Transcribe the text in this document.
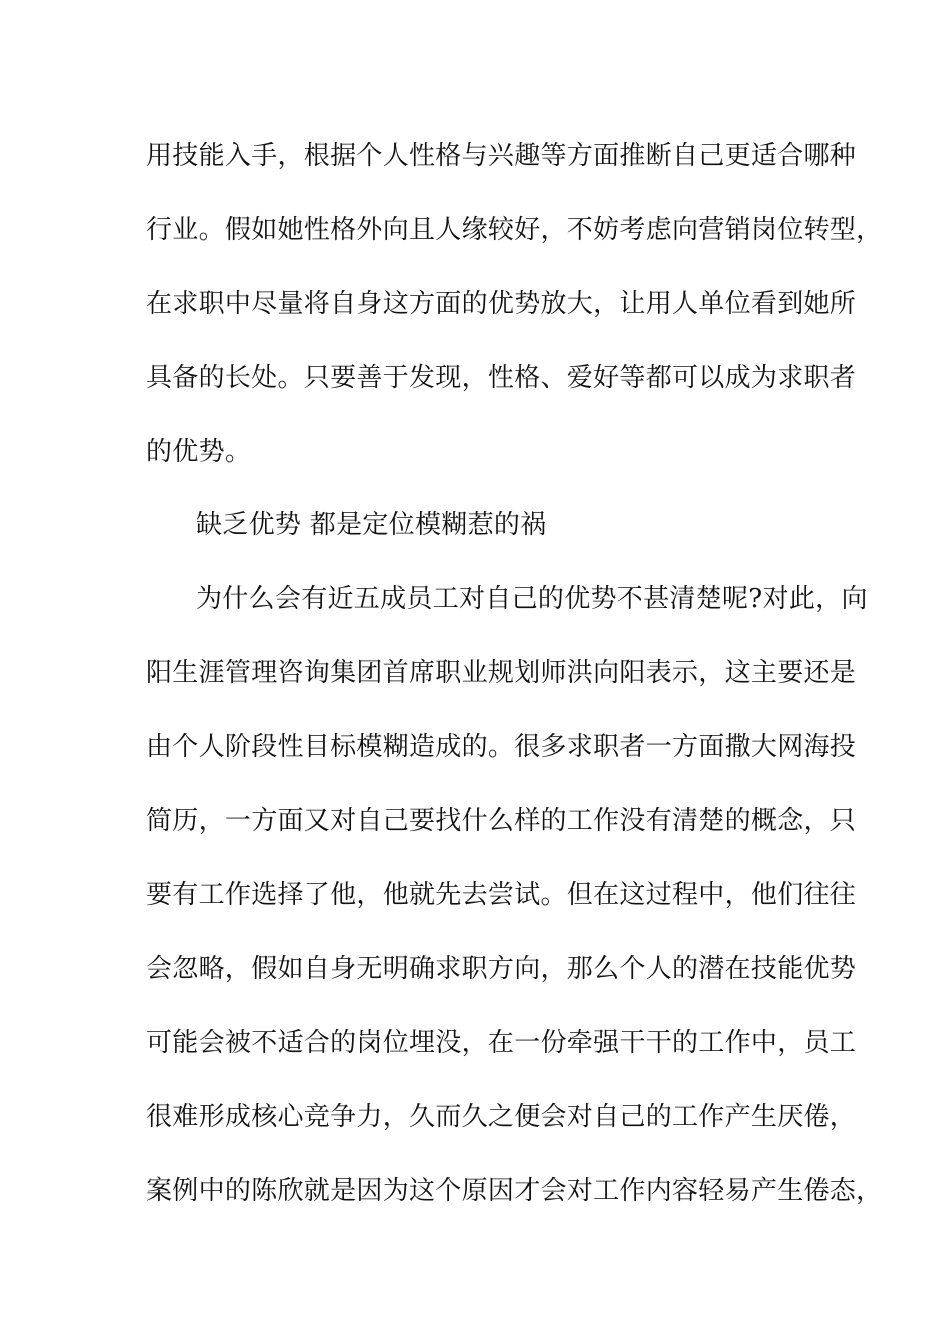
用技能入手，根据个人性格与兴趣等方面推断自己更适合哪种
行业。假如她性格外向且人缘较好，不妨考虑向营销岗位转型，
在求职中尽量将自身这方面的优势放大，让用人单位看到她所
具备的长处。只要善于发现，性格、爱好等都可以成为求职者
的优势。
缺乏优势 都是定位模糊惹的祸
为什么会有近五成员工对自己的优势不甚清楚呢?对此，向
阳生涯管理咨询集团首席职业规划师洪向阳表示，这主要还是
由个人阶段性目标模糊造成的。很多求职者一方面撒大网海投
简历，一方面又对自己要找什么样的工作没有清楚的概念，只
要有工作选择了他，他就先去尝试。但在这过程中，他们往往
会忽略，假如自身无明确求职方向，那么个人的潜在技能优势
可能会被不适合的岗位埋没，在一份牵强干干的工作中，员工
很难形成核心竞争力，久而久之便会对自己的工作产生厌倦，
案例中的陈欣就是因为这个原因才会对工作内容轻易产生倦态，
